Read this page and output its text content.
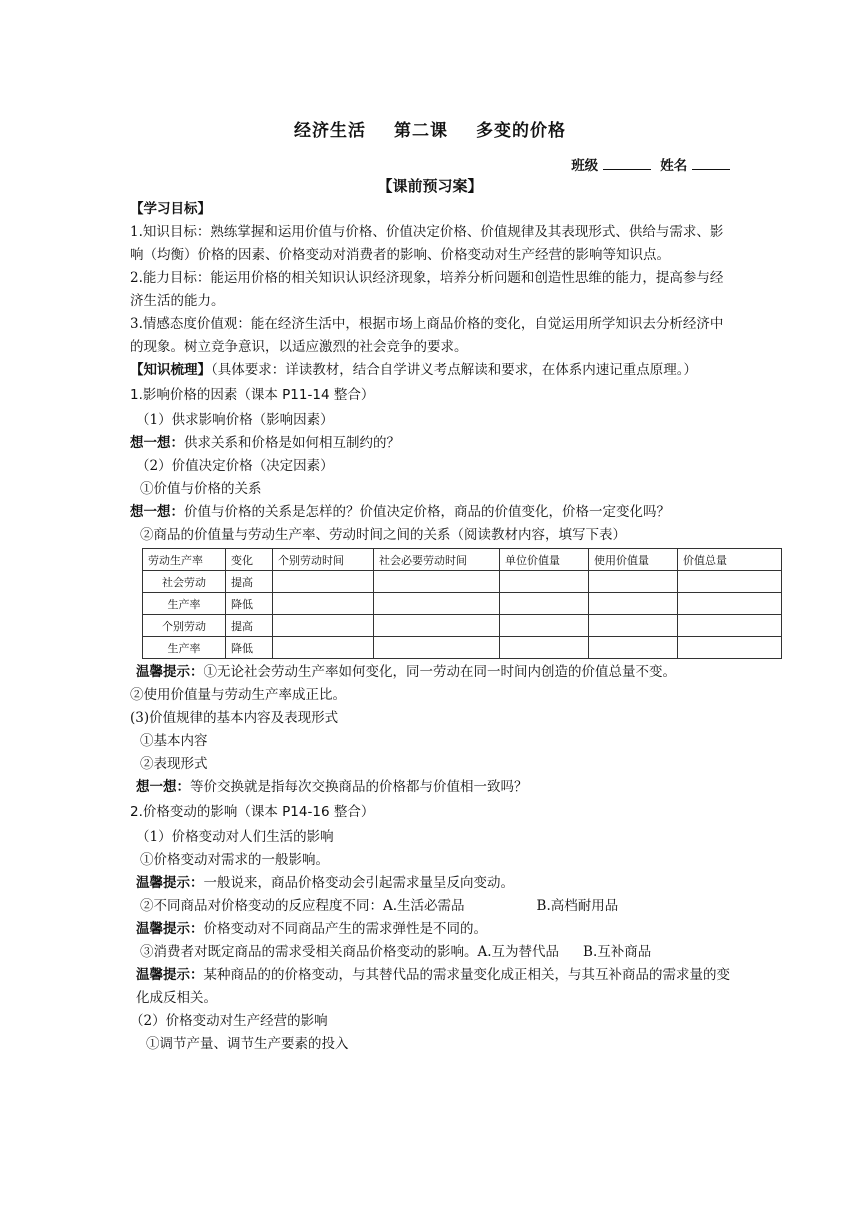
经济生活 第二课 多变的价格
班级	姓名
【课前预习案】

【学习目标】

1.知识目标：熟练掌握和运用价值与价格、价值决定价格、价值规律及其表现形式、供给与需求、影响（均衡）价格的因素、价格变动对消费者的影响、价格变动对生产经营的影响等知识点。

2.能力目标：能运用价格的相关知识认识经济现象，培养分析问题和创造性思维的能力，提高参与经济生活的能力。

3.情感态度价值观：能在经济生活中，根据市场上商品价格的变化，自觉运用所学知识去分析经济中的现象。树立竞争意识，以适应激烈的社会竞争的要求。

【知识梳理】（具体要求：详读教材，结合自学讲义考点解读和要求，在体系内速记重点原理。）

1.影响价格的因素（课本 P11-14 整合）

（1）供求影响价格（影响因素）

想一想：供求关系和价格是如何相互制约的？

（2）价值决定价格（决定因素）

①价值与价格的关系

想一想：价值与价格的关系是怎样的？价值决定价格，商品的价值变化，价格一定变化吗？

②商品的价值量与劳动生产率、劳动时间之间的关系（阅读教材内容，填写下表）

劳动生产率	变化	个别劳动时间	社会必要劳动时间	单位价值量	使用价值量	价值总量
社会劳动	提高					
生产率	降低					
个别劳动	提高					
生产率	降低					

温馨提示：①无论社会劳动生产率如何变化，同一劳动在同一时间内创造的价值总量不变。

②使用价值量与劳动生产率成正比。

(3)价值规律的基本内容及表现形式

①基本内容

②表现形式

想一想：等价交换就是指每次交换商品的价格都与价值相一致吗？

2.价格变动的影响（课本 P14-16 整合）

（1）价格变动对人们生活的影响

①价格变动对需求的一般影响。

温馨提示：一般说来，商品价格变动会引起需求量呈反向变动。

②不同商品对价格变动的反应程度不同：A.生活必需品	B.高档耐用品

温馨提示：价格变动对不同商品产生的需求弹性是不同的。

③消费者对既定商品的需求受相关商品价格变动的影响。A.互为替代品 B.互补商品

温馨提示：某种商品的的价格变动，与其替代品的需求量变化成正相关，与其互补商品的需求量的变化成反相关。

（2）价格变动对生产经营的影响

①调节产量、调节生产要素的投入
